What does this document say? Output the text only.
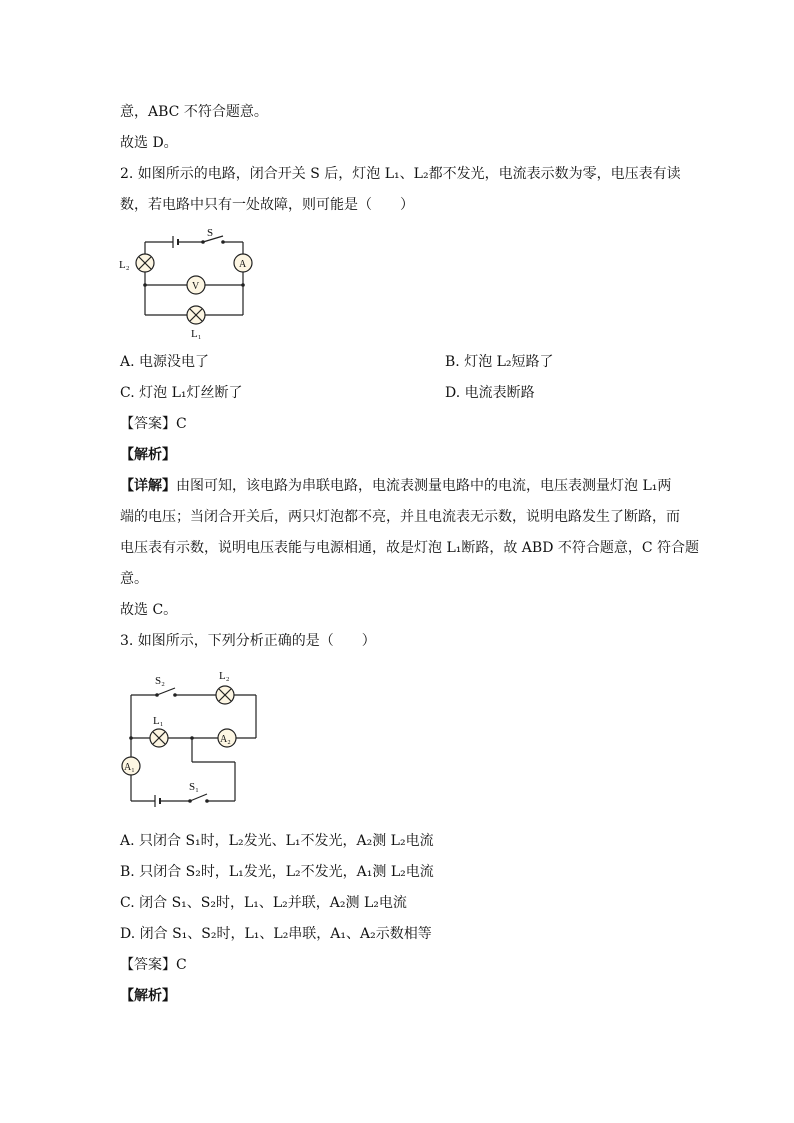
意，ABC 不符合题意。
故选 D。
2. 如图所示的电路，闭合开关 S 后，灯泡 L₁、L₂都不发光，电流表示数为零，电压表有读
数，若电路中只有一处故障，则可能是（　　）
S
L₂	A
V
L₁
A. 电源没电了	B. 灯泡 L₂短路了
C. 灯泡 L₁灯丝断了	D. 电流表断路
【答案】C
【解析】
【详解】由图可知，该电路为串联电路，电流表测量电路中的电流，电压表测量灯泡 L₁两
端的电压；当闭合开关后，两只灯泡都不亮，并且电流表无示数，说明电路发生了断路，而
电压表有示数，说明电压表能与电源相通，故是灯泡 L₁断路，故 ABD 不符合题意，C 符合题
意。
故选 C。
3. 如图所示，下列分析正确的是（　　）
S₂	L₂
L₁
A₂
A₁
S₁
A. 只闭合 S₁时，L₂发光、L₁不发光，A₂测 L₂电流
B. 只闭合 S₂时，L₁发光，L₂不发光，A₁测 L₂电流
C. 闭合 S₁、S₂时，L₁、L₂并联，A₂测 L₂电流
D. 闭合 S₁、S₂时，L₁、L₂串联，A₁、A₂示数相等
【答案】C
【解析】
